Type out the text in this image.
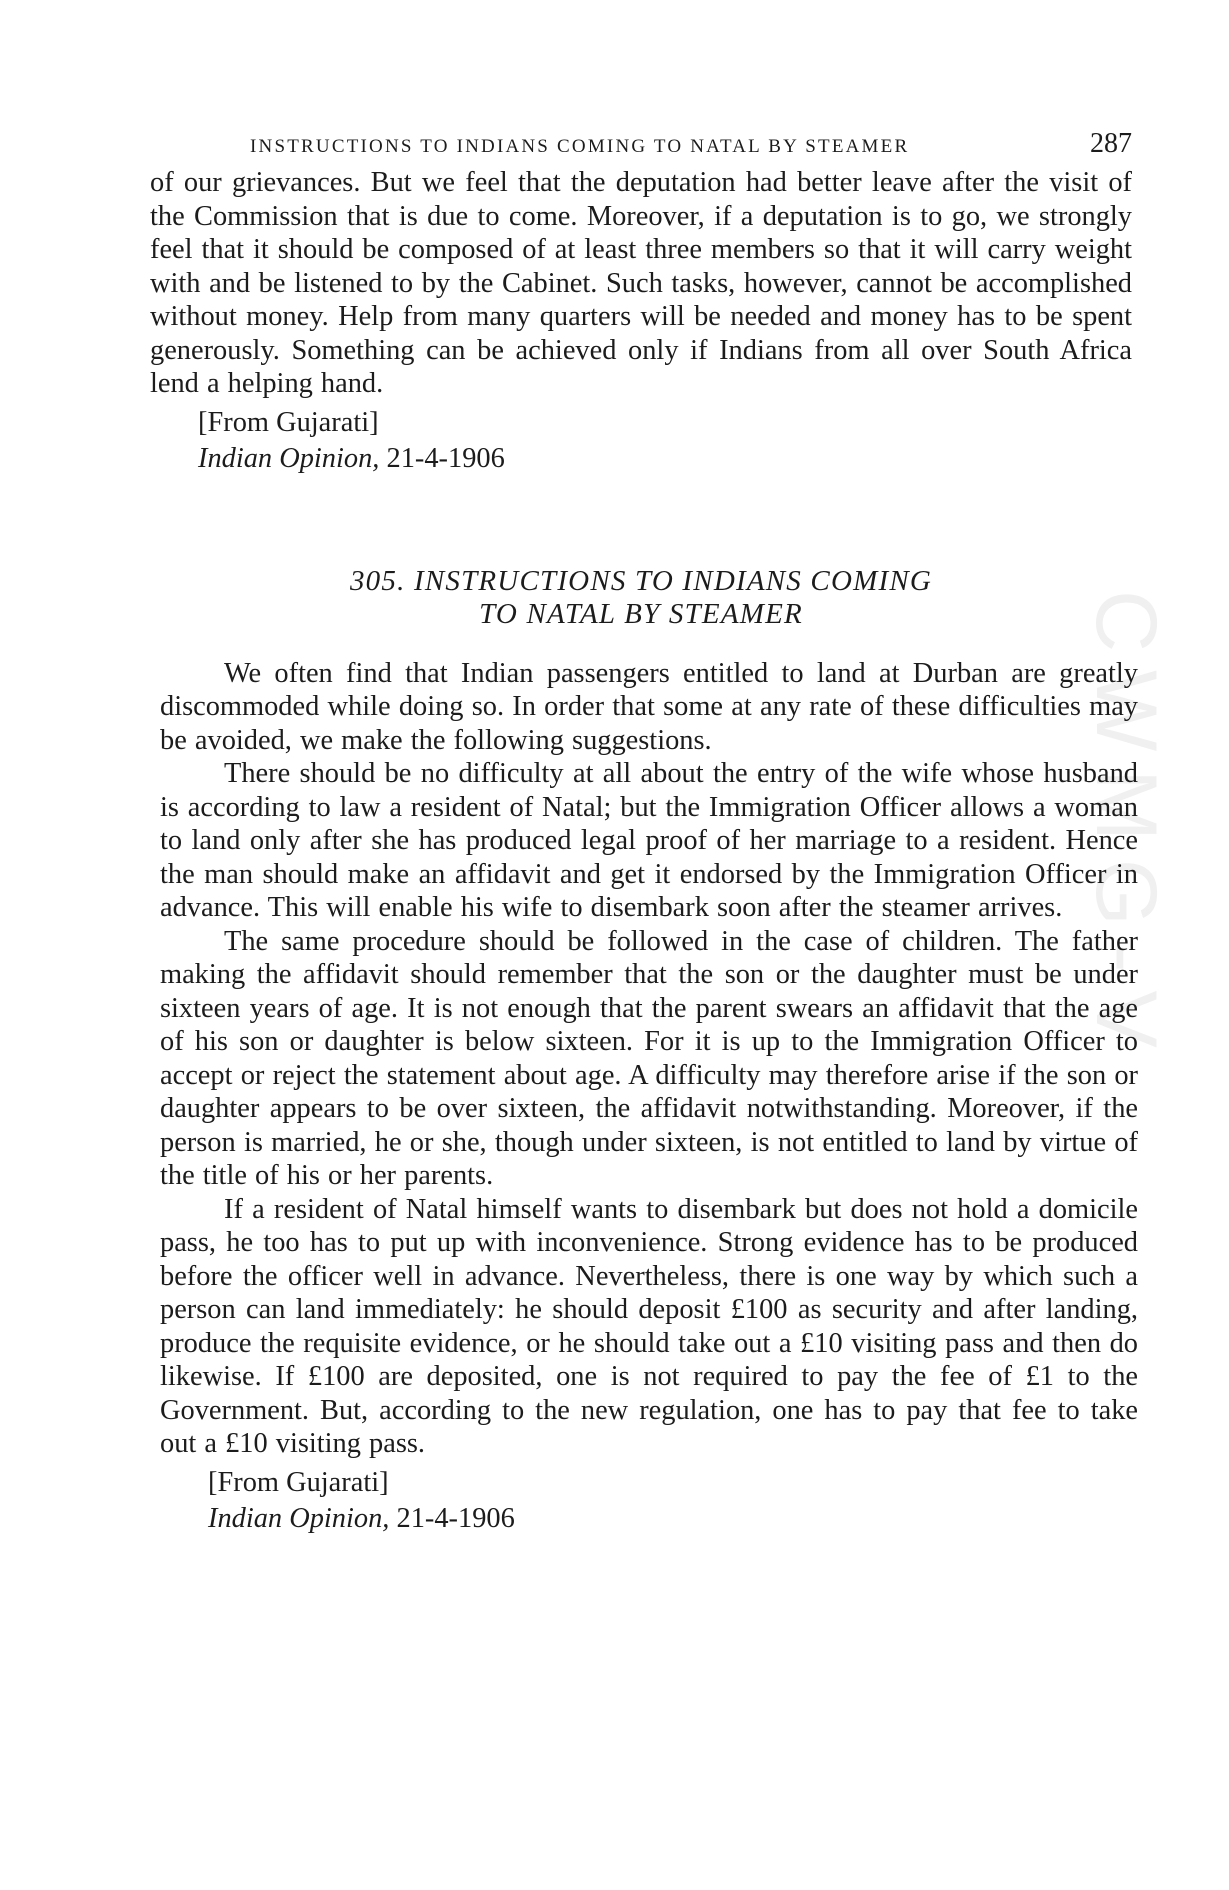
CWMG-V
INSTRUCTIONS TO INDIANS COMING TO NATAL BY STEAMER	287

of our grievances. But we feel that the deputation had better leave after the visit of the Commission that is due to come. Moreover, if a deputation is to go, we strongly feel that it should be composed of at least three members so that it will carry weight with and be listened to by the Cabinet. Such tasks, however, cannot be accomplished without money. Help from many quarters will be needed and money has to be spent generously. Something can be achieved only if Indians from all over South Africa lend a helping hand.

[From Gujarati]
Indian Opinion, 21-4-1906
305. INSTRUCTIONS TO INDIANS COMING
TO NATAL BY STEAMER

We often find that Indian passengers entitled to land at Durban are greatly discommoded while doing so. In order that some at any rate of these difficulties may be avoided, we make the following suggestions.

There should be no difficulty at all about the entry of the wife whose husband is according to law a resident of Natal; but the Immigration Officer allows a woman to land only after she has produced legal proof of her marriage to a resident. Hence the man should make an affidavit and get it endorsed by the Immigration Officer in advance. This will enable his wife to disembark soon after the steamer arrives.

The same procedure should be followed in the case of children. The father making the affidavit should remember that the son or the daughter must be under sixteen years of age. It is not enough that the parent swears an affidavit that the age of his son or daughter is below sixteen. For it is up to the Immigration Officer to accept or reject the statement about age. A difficulty may therefore arise if the son or daughter appears to be over sixteen, the affidavit notwithstanding. Moreover, if the person is married, he or she, though under sixteen, is not entitled to land by virtue of the title of his or her parents.

If a resident of Natal himself wants to disembark but does not hold a domicile pass, he too has to put up with inconvenience. Strong evidence has to be produced before the officer well in advance. Nevertheless, there is one way by which such a person can land immediately: he should deposit £100 as security and after landing, produce the requisite evidence, or he should take out a £10 visiting pass and then do likewise. If £100 are deposited, one is not required to pay the fee of £1 to the Government. But, according to the new regulation, one has to pay that fee to take out a £10 visiting pass.

[From Gujarati]
Indian Opinion, 21-4-1906
